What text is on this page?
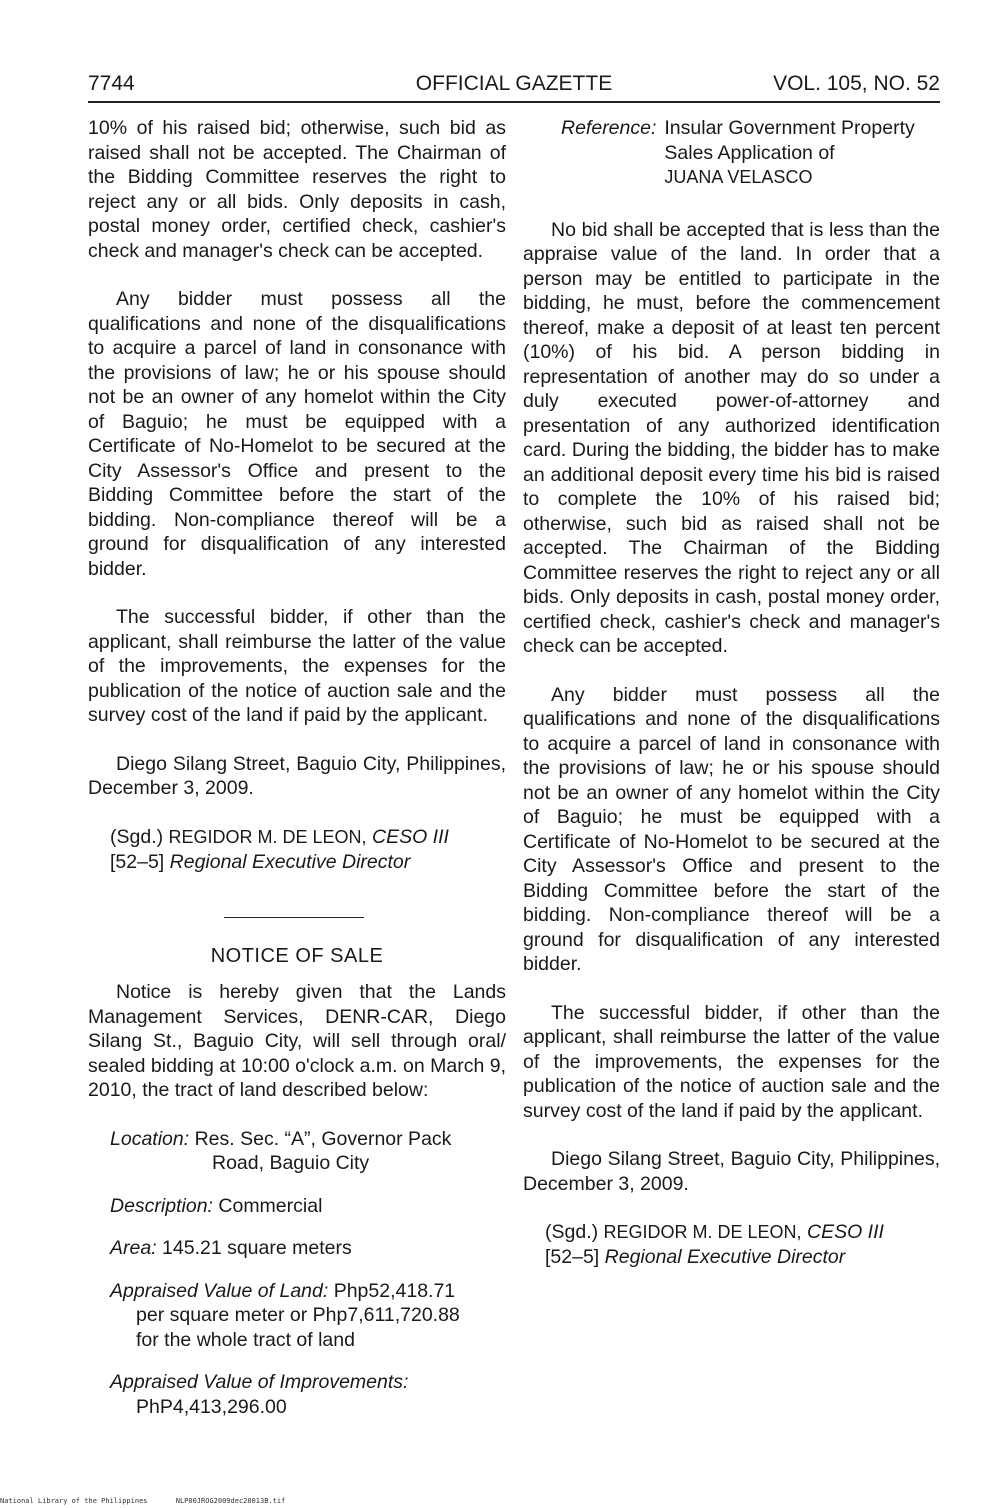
7744	OFFICIAL GAZETTE	VOL. 105, NO. 52

10% of his raised bid; otherwise, such bid as raised shall not be accepted. The Chairman of the Bidding Committee reserves the right to reject any or all bids. Only deposits in cash, postal money order, certified check, cashier's check and manager's check can be accepted.

Any bidder must possess all the qualifications and none of the disqualifications to acquire a parcel of land in consonance with the provisions of law; he or his spouse should not be an owner of any homelot within the City of Baguio; he must be equipped with a Certificate of No-Homelot to be secured at the City Assessor's Office and present to the Bidding Committee before the start of the bidding. Non-compliance thereof will be a ground for disqualification of any interested bidder.

The successful bidder, if other than the applicant, shall reimburse the latter of the value of the improvements, the expenses for the publication of the notice of auction sale and the survey cost of the land if paid by the applicant.

Diego Silang Street, Baguio City, Philippines, December 3, 2009.

(Sgd.) REGIDOR M. DE LEON, CESO III
[52–5] Regional Executive Director
NOTICE OF SALE

Notice is hereby given that the Lands Management Services, DENR-CAR, Diego Silang St., Baguio City, will sell through oral/ sealed bidding at 10:00 o'clock a.m. on March 9, 2010, the tract of land described below:

Location: Res. Sec. “A”, Governor Pack
Road, Baguio City
Description: Commercial
Area: 145.21 square meters
Appraised Value of Land: Php52,418.71
per square meter or Php7,611,720.88
for the whole tract of land
Appraised Value of Improvements:
PhP4,413,296.00
Reference: Insular Government Property Sales Application of
JUANA VELASCO

No bid shall be accepted that is less than the appraise value of the land. In order that a person may be entitled to participate in the bidding, he must, before the commencement thereof, make a deposit of at least ten percent (10%) of his bid. A person bidding in representation of another may do so under a duly executed power-of-attorney and presentation of any authorized identification card. During the bidding, the bidder has to make an additional deposit every time his bid is raised to complete the 10% of his raised bid; otherwise, such bid as raised shall not be accepted. The Chairman of the Bidding Committee reserves the right to reject any or all bids. Only deposits in cash, postal money order, certified check, cashier's check and manager's check can be accepted.

Any bidder must possess all the qualifications and none of the disqualifications to acquire a parcel of land in consonance with the provisions of law; he or his spouse should not be an owner of any homelot within the City of Baguio; he must be equipped with a Certificate of No-Homelot to be secured at the City Assessor's Office and present to the Bidding Committee before the start of the bidding. Non-compliance thereof will be a ground for disqualification of any interested bidder.

The successful bidder, if other than the applicant, shall reimburse the latter of the value of the improvements, the expenses for the publication of the notice of auction sale and the survey cost of the land if paid by the applicant.

Diego Silang Street, Baguio City, Philippines, December 3, 2009.

(Sgd.) REGIDOR M. DE LEON, CESO III
[52–5] Regional Executive Director
National Library of the Philippines	NLP00JROG2009dec28013B.tif
